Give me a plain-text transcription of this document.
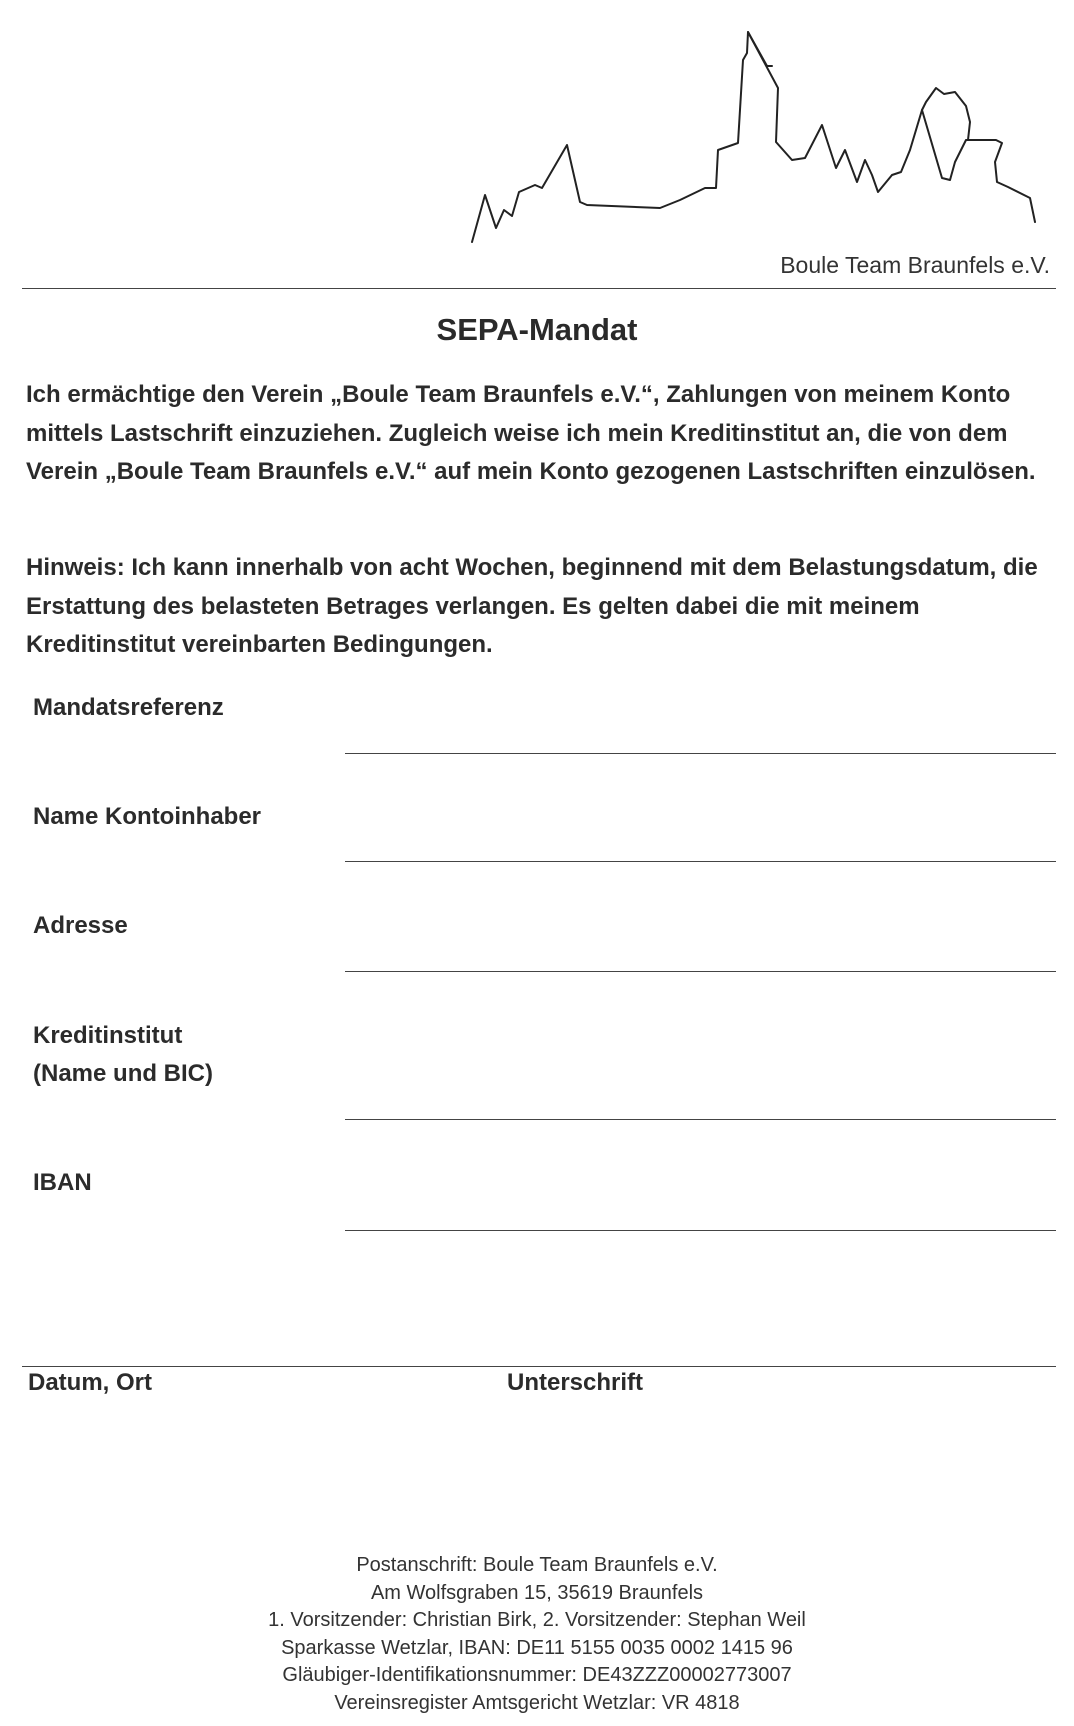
Boule Team Braunfels e.V.
SEPA-Mandat
Ich ermächtige den Verein „Boule Team Braunfels e.V.“, Zahlungen von meinem Konto mittels Lastschrift einzuziehen. Zugleich weise ich mein Kreditinstitut an, die von dem Verein „Boule Team Braunfels e.V.“ auf mein Konto gezogenen Lastschriften einzulösen.
Hinweis: Ich kann innerhalb von acht Wochen, beginnend mit dem Belastungsdatum, die Erstattung des belasteten Betrages verlangen. Es gelten dabei die mit meinem Kreditinstitut vereinbarten Bedingungen.
Mandatsreferenz
Name Kontoinhaber
Adresse
Kreditinstitut
(Name und BIC)
IBAN
Datum, Ort	Unterschrift
Postanschrift: Boule Team Braunfels e.V.
Am Wolfsgraben 15, 35619 Braunfels
1. Vorsitzender: Christian Birk, 2. Vorsitzender: Stephan Weil
Sparkasse Wetzlar, IBAN: DE11 5155 0035 0002 1415 96
Gläubiger-Identifikationsnummer: DE43ZZZ00002773007
Vereinsregister Amtsgericht Wetzlar: VR 4818
